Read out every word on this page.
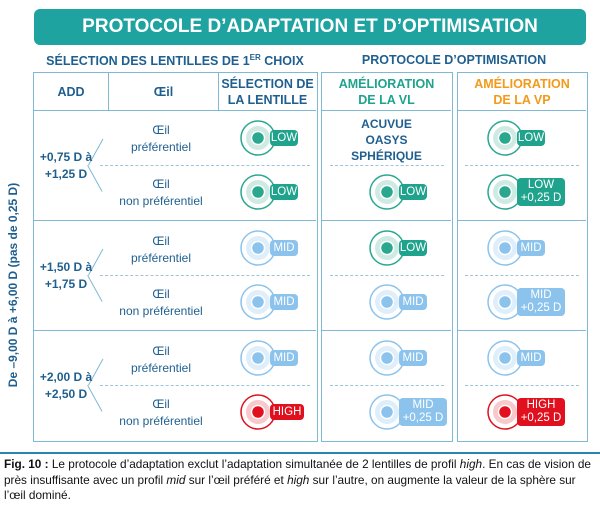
PROTOCOLE D’ADAPTATION ET D’OPTIMISATION
SÉLECTION DES LENTILLES DE 1ER CHOIX	PROTOCOLE D’OPTIMISATION
De –9,00 D à +6,00 D (pas de 0,25 D)
ADD	Œil
SÉLECTION DE
LA LENTILLE
AMÉLIORATION
DE LA VL
AMÉLIORATION
DE LA VP
+0,75 D à
+1,25 D
+1,50 D à
+1,75 D
+2,00 D à
+2,50 D
Œil
préférentiel
Œil
non préférentiel
Œil
préférentiel
Œil
non préférentiel
Œil
préférentiel
Œil
non préférentiel
ACUVUE
OASYS
SPHÉRIQUE
LOW
LOW
MID
MID
MID
HIGH
LOW
LOW
MID
MID
MID
+0,25 D
LOW
LOW
+0,25 D
MID
MID
+0,25 D
MID
HIGH
+0,25 D
Fig. 10 : Le protocole d’adaptation exclut l’adaptation simultanée de 2 lentilles de profil high. En cas de vision de près insuffisante avec un profil mid sur l’œil préféré et high sur l’autre, on augmente la valeur de la sphère sur l’œil dominé.
